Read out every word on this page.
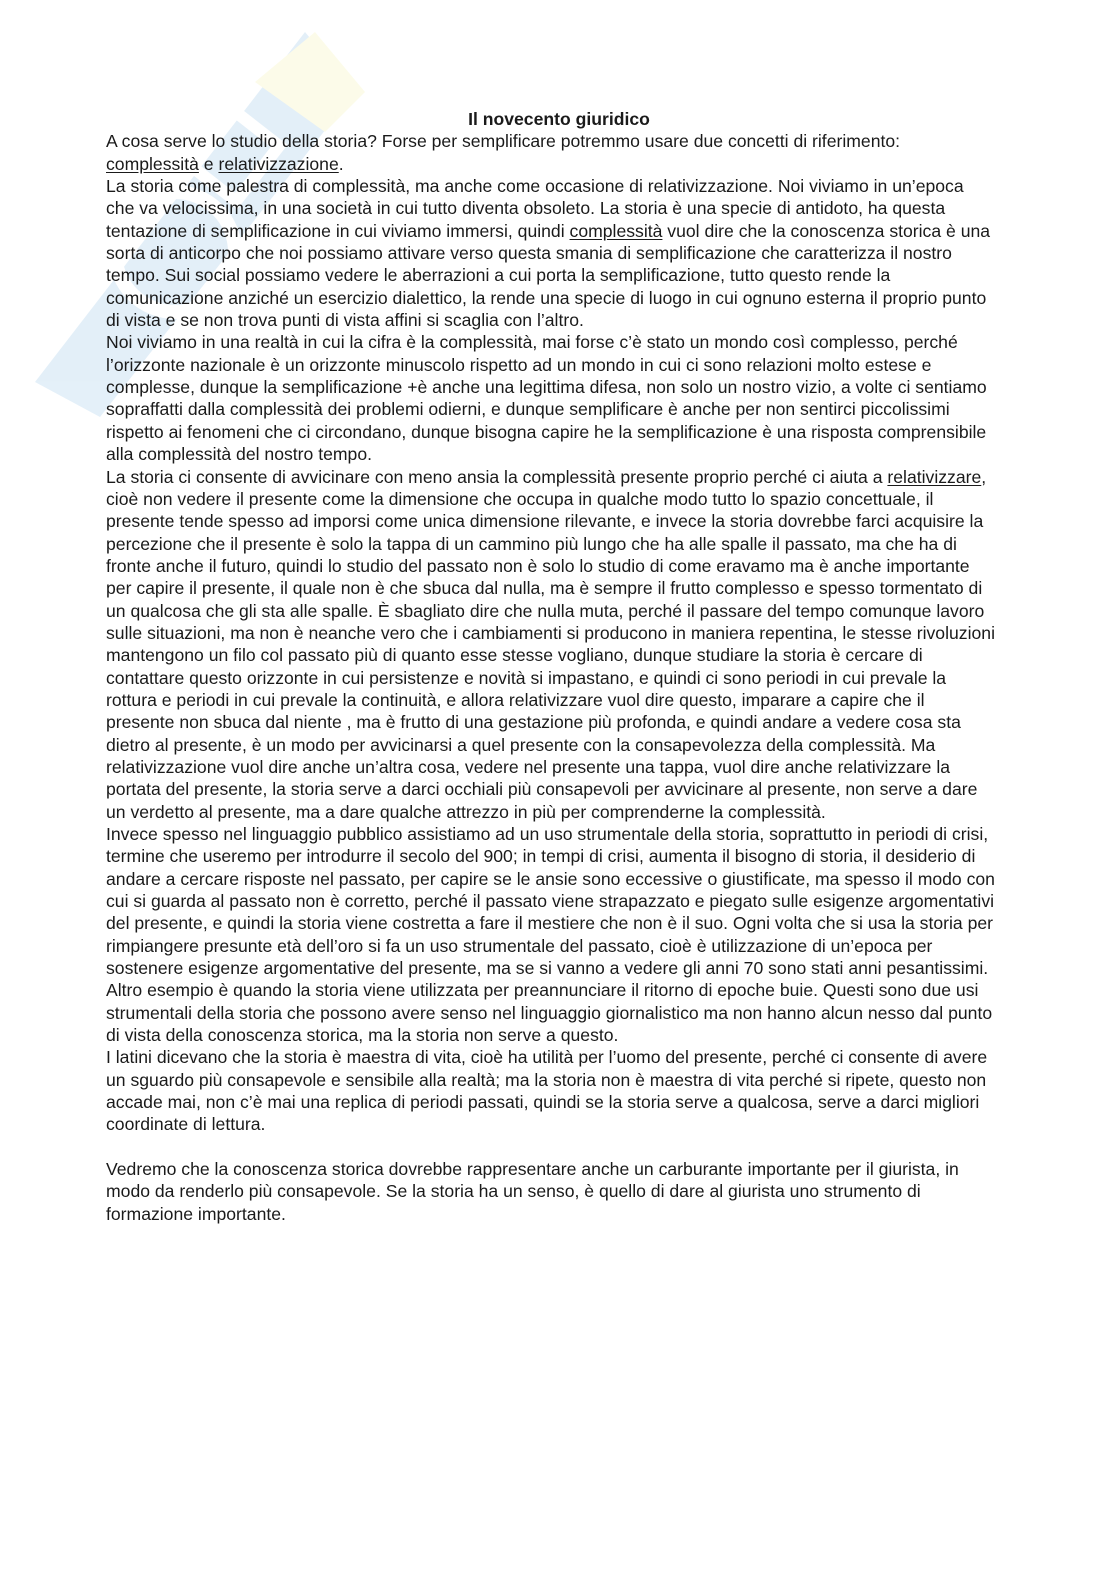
Il novecento giuridico

A cosa serve lo studio della storia? Forse per semplificare potremmo usare due concetti di riferimento: complessità e relativizzazione.

La storia come palestra di complessità, ma anche come occasione di relativizzazione. Noi viviamo in un’epoca che va velocissima, in una società in cui tutto diventa obsoleto. La storia è una specie di antidoto, ha questa tentazione di semplificazione in cui viviamo immersi, quindi complessità vuol dire che la conoscenza storica è una sorta di anticorpo che noi possiamo attivare verso questa smania di semplificazione che caratterizza il nostro tempo. Sui social possiamo vedere le aberrazioni a cui porta la semplificazione, tutto questo rende la comunicazione anziché un esercizio dialettico, la rende una specie di luogo in cui ognuno esterna il proprio punto di vista e se non trova punti di vista affini si scaglia con l’altro.

Noi viviamo in una realtà in cui la cifra è la complessità, mai forse c’è stato un mondo così complesso, perché l’orizzonte nazionale è un orizzonte minuscolo rispetto ad un mondo in cui ci sono relazioni molto estese e complesse, dunque la semplificazione +è anche una legittima difesa, non solo un nostro vizio, a volte ci sentiamo sopraffatti dalla complessità dei problemi odierni, e dunque semplificare è anche per non sentirci piccolissimi rispetto ai fenomeni che ci circondano, dunque bisogna capire he la semplificazione è una risposta comprensibile alla complessità del nostro tempo.

La storia ci consente di avvicinare con meno ansia la complessità presente proprio perché ci aiuta a relativizzare, cioè non vedere il presente come la dimensione che occupa in qualche modo tutto lo spazio concettuale, il presente tende spesso ad imporsi come unica dimensione rilevante, e invece la storia dovrebbe farci acquisire la percezione che il presente è solo la tappa di un cammino più lungo che ha alle spalle il passato, ma che ha di fronte anche il futuro, quindi lo studio del passato non è solo lo studio di come eravamo ma è anche importante per capire il presente, il quale non è che sbuca dal nulla, ma è sempre il frutto complesso e spesso tormentato di un qualcosa che gli sta alle spalle. È sbagliato dire che nulla muta, perché il passare del tempo comunque lavoro sulle situazioni, ma non è neanche vero che i cambiamenti si producono in maniera repentina, le stesse rivoluzioni mantengono un filo col passato più di quanto esse stesse vogliano, dunque studiare la storia è cercare di contattare questo orizzonte in cui persistenze e novità si impastano, e quindi ci sono periodi in cui prevale la rottura e periodi in cui prevale la continuità, e allora relativizzare vuol dire questo, imparare a capire che il presente non sbuca dal niente , ma è frutto di una gestazione più profonda, e quindi andare a vedere cosa sta dietro al presente, è un modo per avvicinarsi a quel presente con la consapevolezza della complessità. Ma relativizzazione vuol dire anche un’altra cosa, vedere nel presente una tappa, vuol dire anche relativizzare la portata del presente, la storia serve a darci occhiali più consapevoli per avvicinare al presente, non serve a dare un verdetto al presente, ma a dare qualche attrezzo in più per comprenderne la complessità.

Invece spesso nel linguaggio pubblico assistiamo ad un uso strumentale della storia, soprattutto in periodi di crisi, termine che useremo per introdurre il secolo del 900; in tempi di crisi, aumenta il bisogno di storia, il desiderio di andare a cercare risposte nel passato, per capire se le ansie sono eccessive o giustificate, ma spesso il modo con cui si guarda al passato non è corretto, perché il passato viene strapazzato e piegato sulle esigenze argomentativi del presente, e quindi la storia viene costretta a fare il mestiere che non è il suo. Ogni volta che si usa la storia per rimpiangere presunte età dell’oro si fa un uso strumentale del passato, cioè è utilizzazione di un’epoca per sostenere esigenze argomentative del presente, ma se si vanno a vedere gli anni 70 sono stati anni pesantissimi. Altro esempio è quando la storia viene utilizzata per preannunciare il ritorno di epoche buie. Questi sono due usi strumentali della storia che possono avere senso nel linguaggio giornalistico ma non hanno alcun nesso dal punto di vista della conoscenza storica, ma la storia non serve a questo.

I latini dicevano che la storia è maestra di vita, cioè ha utilità per l’uomo del presente, perché ci consente di avere un sguardo più consapevole e sensibile alla realtà; ma la storia non è maestra di vita perché si ripete, questo non accade mai, non c’è mai una replica di periodi passati, quindi se la storia serve a qualcosa, serve a darci migliori coordinate di lettura.

Vedremo che la conoscenza storica dovrebbe rappresentare anche un carburante importante per il giurista, in modo da renderlo più consapevole. Se la storia ha un senso, è quello di dare al giurista uno strumento di formazione importante.
